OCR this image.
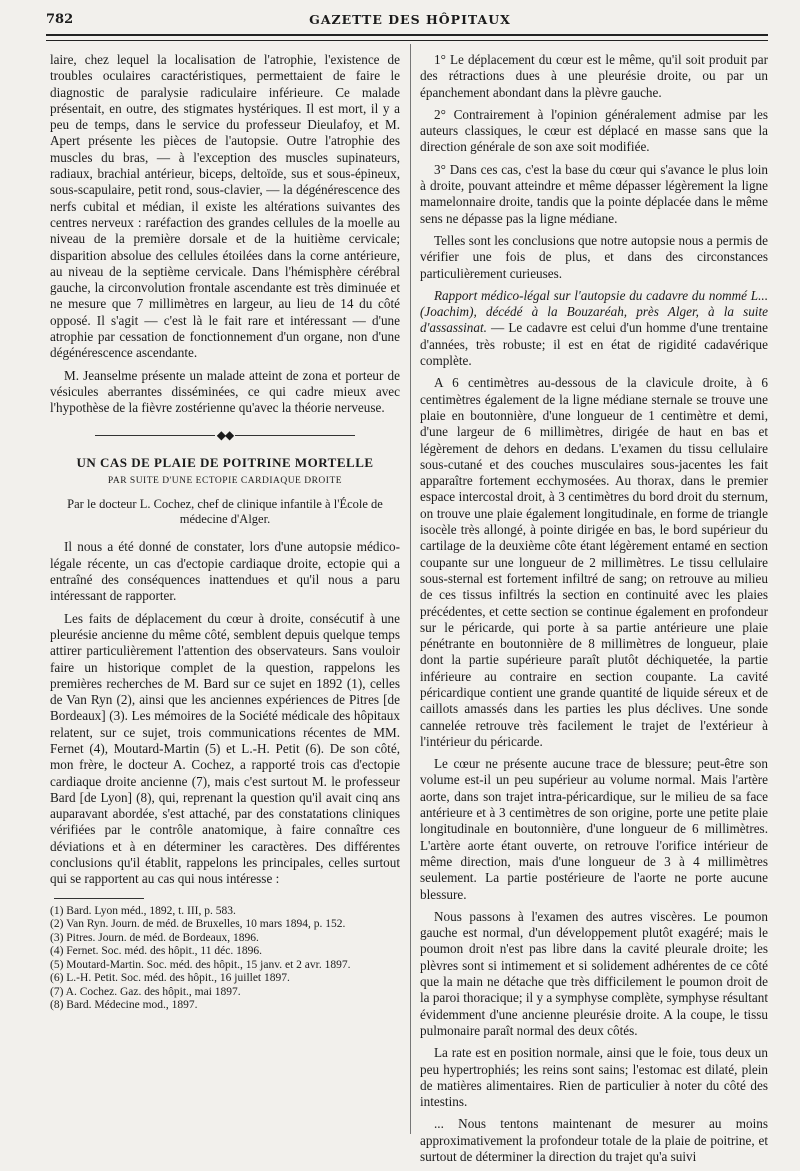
782	GAZETTE DES HÔPITAUX

laire, chez lequel la localisation de l'atrophie, l'existence de troubles oculaires caractéristiques, permettaient de faire le diagnostic de paralysie radiculaire inférieure. Ce malade présentait, en outre, des stigmates hystériques. Il est mort, il y a peu de temps, dans le service du professeur Dieulafoy, et M. Apert présente les pièces de l'autopsie. Outre l'atrophie des muscles du bras, — à l'exception des muscles supinateurs, radiaux, brachial antérieur, biceps, deltoïde, sus et sous-épineux, sous-scapulaire, petit rond, sous-clavier, — la dégénérescence des nerfs cubital et médian, il existe les altérations suivantes des centres nerveux : raréfaction des grandes cellules de la moelle au niveau de la première dorsale et de la huitième cervicale; disparition absolue des cellules étoilées dans la corne antérieure, au niveau de la septième cervicale. Dans l'hémisphère cérébral gauche, la circonvolution frontale ascendante est très diminuée et ne mesure que 7 millimètres en largeur, au lieu de 14 du côté opposé. Il s'agit — c'est là le fait rare et intéressant — d'une atrophie par cessation de fonctionnement d'un organe, non d'une dégénérescence ascendante.

M. Jeanselme présente un malade atteint de zona et porteur de vésicules aberrantes disséminées, ce qui cadre mieux avec l'hypothèse de la fièvre zostérienne qu'avec la théorie nerveuse.

◆◆

UN CAS DE PLAIE DE POITRINE MORTELLE

PAR SUITE D'UNE ECTOPIE CARDIAQUE DROITE

Par le docteur L. Cochez, chef de clinique infantile à l'École de médecine d'Alger.

Il nous a été donné de constater, lors d'une autopsie médico-légale récente, un cas d'ectopie cardiaque droite, ectopie qui a entraîné des conséquences inattendues et qu'il nous a paru intéressant de rapporter.

Les faits de déplacement du cœur à droite, consécutif à une pleurésie ancienne du même côté, semblent depuis quelque temps attirer particulièrement l'attention des observateurs. Sans vouloir faire un historique complet de la question, rappelons les premières recherches de M. Bard sur ce sujet en 1892 (1), celles de Van Ryn (2), ainsi que les anciennes expériences de Pitres [de Bordeaux] (3). Les mémoires de la Société médicale des hôpitaux relatent, sur ce sujet, trois communications récentes de MM. Fernet (4), Moutard-Martin (5) et L.-H. Petit (6). De son côté, mon frère, le docteur A. Cochez, a rapporté trois cas d'ectopie cardiaque droite ancienne (7), mais c'est surtout M. le professeur Bard [de Lyon] (8), qui, reprenant la question qu'il avait cinq ans auparavant abordée, s'est attaché, par des constatations cliniques vérifiées par le contrôle anatomique, à faire connaître ces déviations et à en déterminer les caractères. Des différentes conclusions qu'il établit, rappelons les principales, celles surtout qui se rapportent au cas qui nous intéresse :

(1) Bard. Lyon méd., 1892, t. III, p. 583.

(2) Van Ryn. Journ. de méd. de Bruxelles, 10 mars 1894, p. 152.

(3) Pitres. Journ. de méd. de Bordeaux, 1896.

(4) Fernet. Soc. méd. des hôpit., 11 déc. 1896.

(5) Moutard-Martin. Soc. méd. des hôpit., 15 janv. et 2 avr. 1897.

(6) L.-H. Petit. Soc. méd. des hôpit., 16 juillet 1897.

(7) A. Cochez. Gaz. des hôpit., mai 1897.

(8) Bard. Médecine mod., 1897.

1° Le déplacement du cœur est le même, qu'il soit produit par des rétractions dues à une pleurésie droite, ou par un épanchement abondant dans la plèvre gauche.

2° Contrairement à l'opinion généralement admise par les auteurs classiques, le cœur est déplacé en masse sans que la direction générale de son axe soit modifiée.

3° Dans ces cas, c'est la base du cœur qui s'avance le plus loin à droite, pouvant atteindre et même dépasser légèrement la ligne mamelonnaire droite, tandis que la pointe déplacée dans le même sens ne dépasse pas la ligne médiane.

Telles sont les conclusions que notre autopsie nous a permis de vérifier une fois de plus, et dans des circonstances particulièrement curieuses.

Rapport médico-légal sur l'autopsie du cadavre du nommé L... (Joachim), décédé à la Bouzaréah, près Alger, à la suite d'assassinat. — Le cadavre est celui d'un homme d'une trentaine d'années, très robuste; il est en état de rigidité cadavérique complète.

A 6 centimètres au-dessous de la clavicule droite, à 6 centimètres également de la ligne médiane sternale se trouve une plaie en boutonnière, d'une longueur de 1 centimètre et demi, d'une largeur de 6 millimètres, dirigée de haut en bas et légèrement de dehors en dedans. L'examen du tissu cellulaire sous-cutané et des couches musculaires sous-jacentes les fait apparaître fortement ecchymosées. Au thorax, dans le premier espace intercostal droit, à 3 centimètres du bord droit du sternum, on trouve une plaie également longitudinale, en forme de triangle isocèle très allongé, à pointe dirigée en bas, le bord supérieur du cartilage de la deuxième côte étant légèrement entamé en section coupante sur une longueur de 2 millimètres. Le tissu cellulaire sous-sternal est fortement infiltré de sang; on retrouve au milieu de ces tissus infiltrés la section en continuité avec les plaies précédentes, et cette section se continue également en profondeur sur le péricarde, qui porte à sa partie antérieure une plaie pénétrante en boutonnière de 8 millimètres de longueur, plaie dont la partie supérieure paraît plutôt déchiquetée, la partie inférieure au contraire en section coupante. La cavité péricardique contient une grande quantité de liquide séreux et de caillots amassés dans les parties les plus déclives. Une sonde cannelée retrouve très facilement le trajet de l'extérieur à l'intérieur du péricarde.

Le cœur ne présente aucune trace de blessure; peut-être son volume est-il un peu supérieur au volume normal. Mais l'artère aorte, dans son trajet intra-péricardique, sur le milieu de sa face antérieure et à 3 centimètres de son origine, porte une petite plaie longitudinale en boutonnière, d'une longueur de 6 millimètres. L'artère aorte étant ouverte, on retrouve l'orifice intérieur de même direction, mais d'une longueur de 3 à 4 millimètres seulement. La partie postérieure de l'aorte ne porte aucune blessure.

Nous passons à l'examen des autres viscères. Le poumon gauche est normal, d'un développement plutôt exagéré; mais le poumon droit n'est pas libre dans la cavité pleurale droite; les plèvres sont si intimement et si solidement adhérentes de ce côté que la main ne détache que très difficilement le poumon droit de la paroi thoracique; il y a symphyse complète, symphyse résultant évidemment d'une ancienne pleurésie droite. A la coupe, le tissu pulmonaire paraît normal des deux côtés.

La rate est en position normale, ainsi que le foie, tous deux un peu hypertrophiés; les reins sont sains; l'estomac est dilaté, plein de matières alimentaires. Rien de particulier à noter du côté des intestins.

... Nous tentons maintenant de mesurer au moins approximativement la profondeur totale de la plaie de poitrine, et surtout de déterminer la direction du trajet qu'a suivi
